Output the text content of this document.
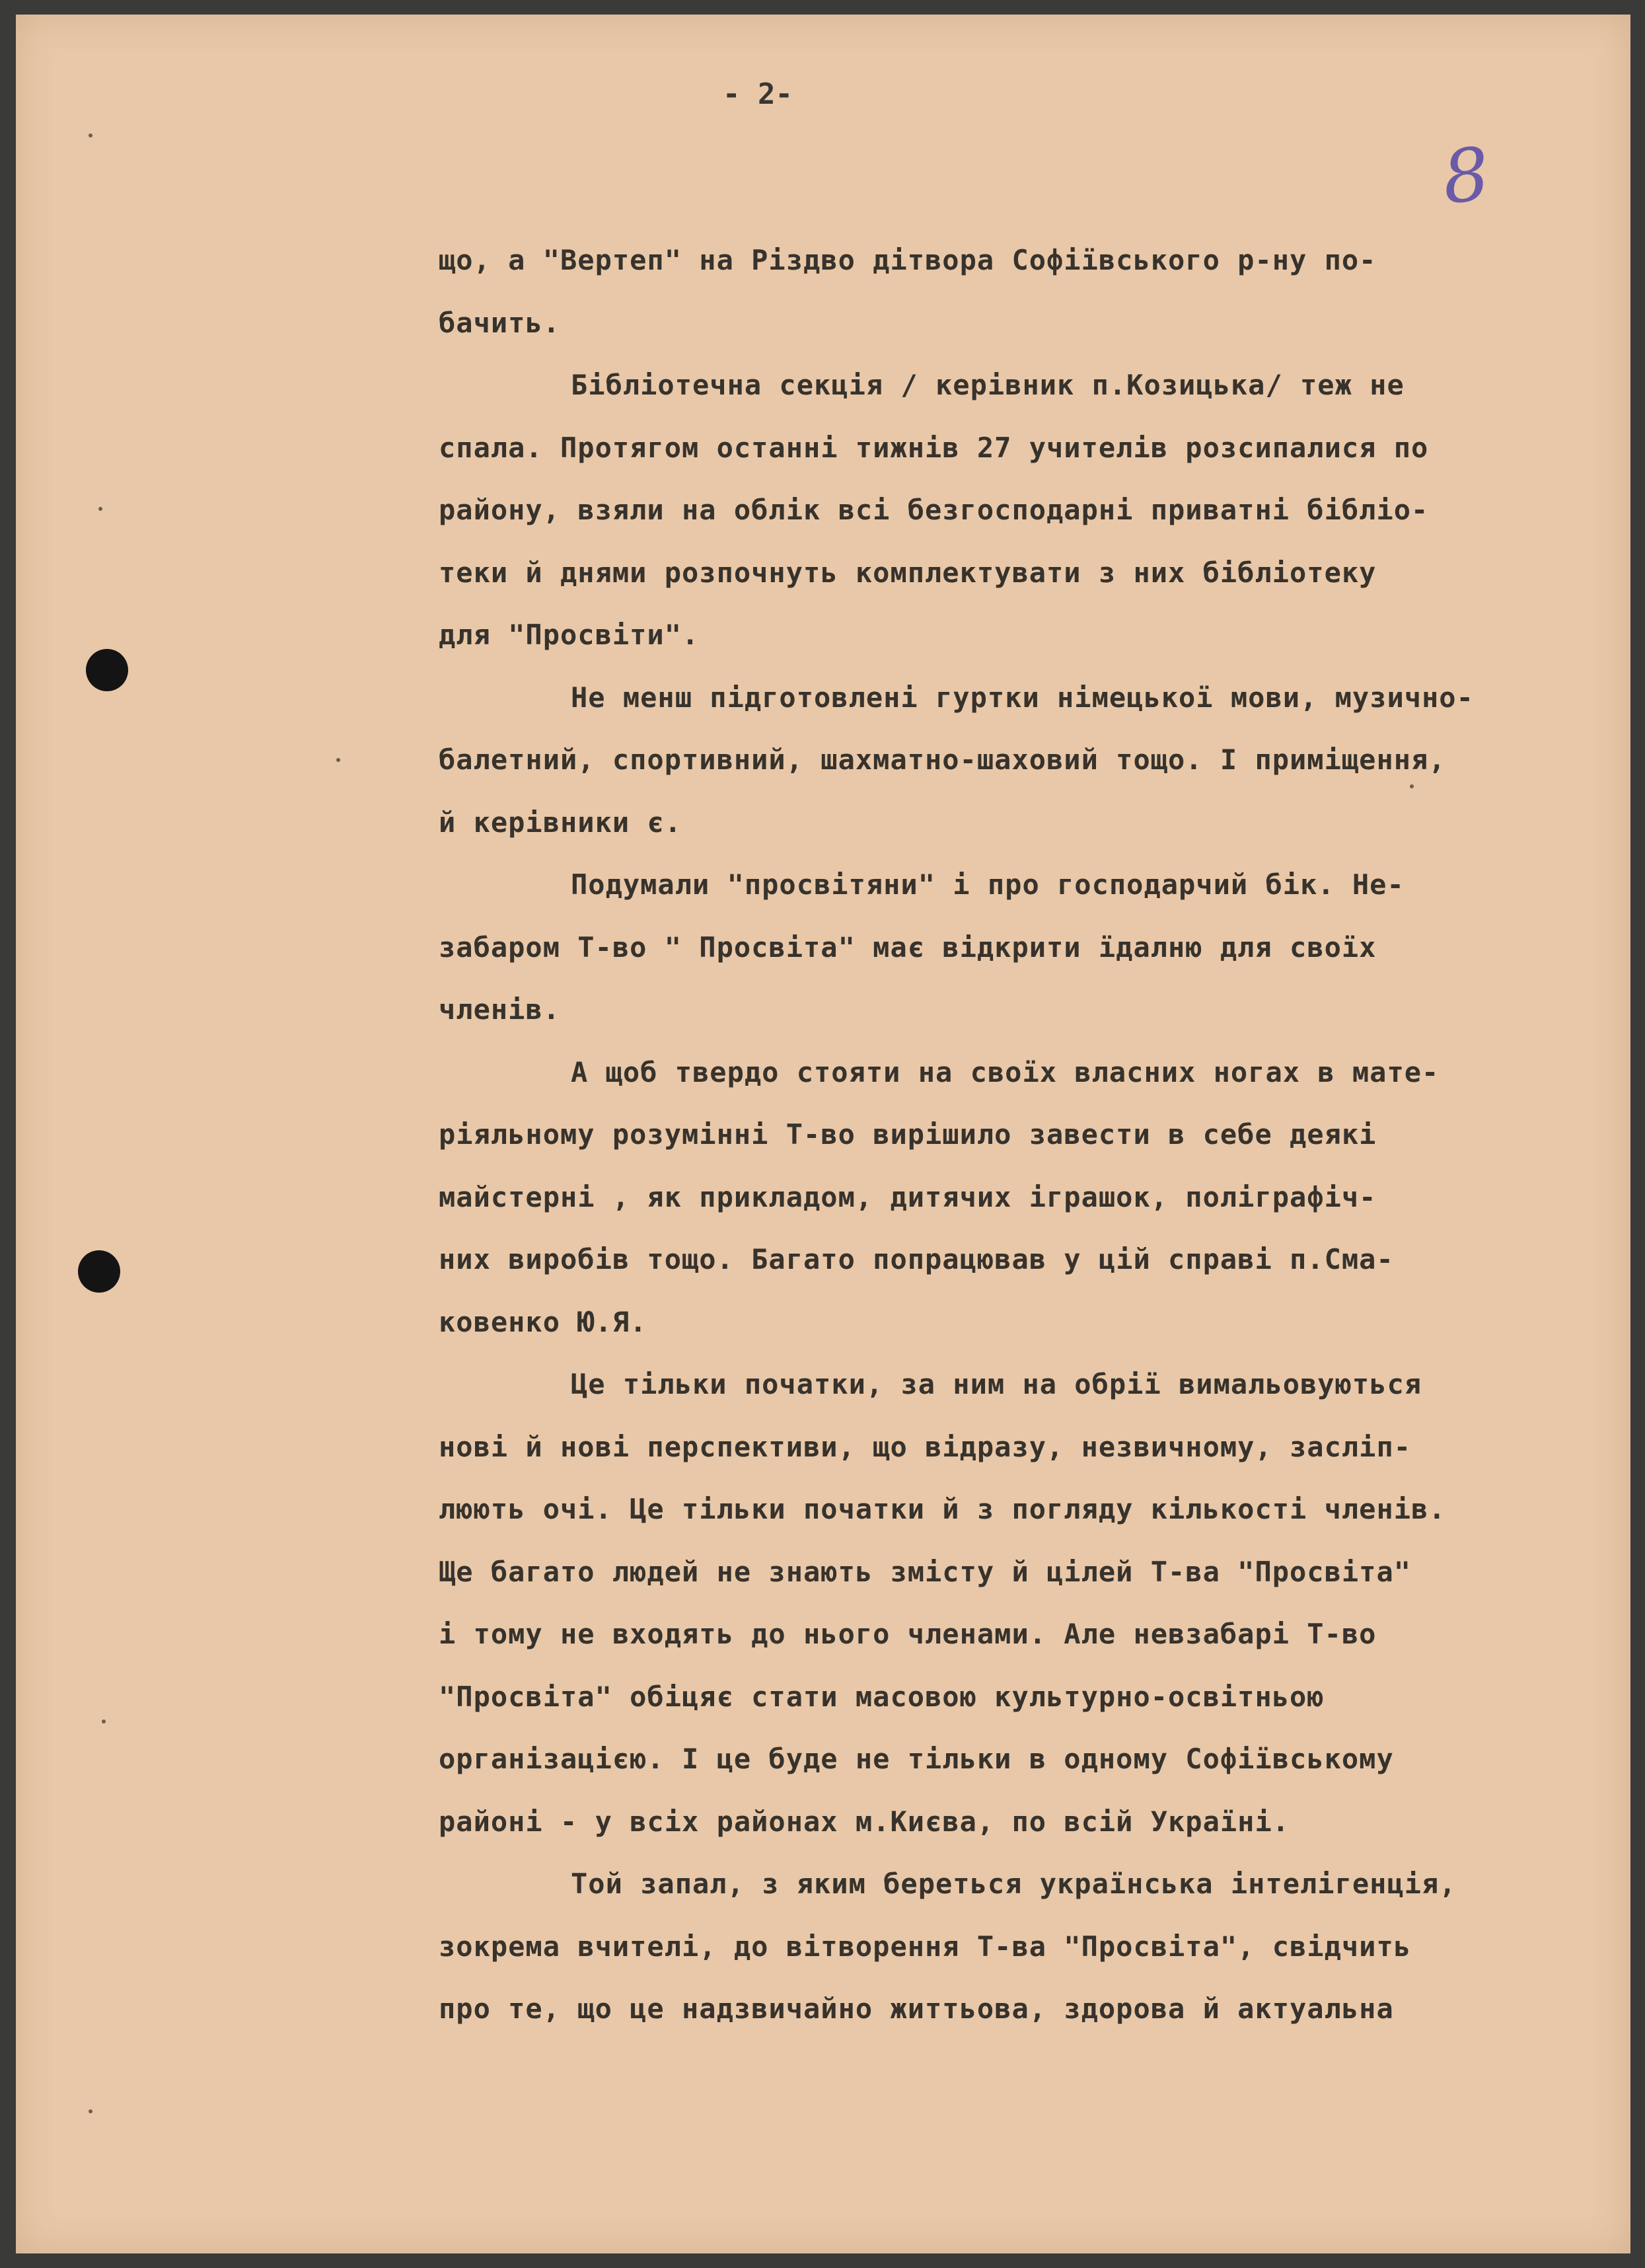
- 2-
8
що, а "Вертеп" на Різдво дітвора Софіївського р-ну по-
бачить.
Бібліотечна секція / керівник п.Козицька/ теж не
спала. Протягом останні тижнів 27 учителів розсипалися по
району, взяли на облік всі безгосподарні приватні бібліо-
теки й днями розпочнуть комплектувати з них бібліотеку
для "Просвіти".
Не менш підготовлені гуртки німецької мови, музично-
балетний, спортивний, шахматно-шаховий тощо. І приміщення,
й керівники є.
Подумали "просвітяни" і про господарчий бік. Не-
забаром Т-во " Просвіта" має відкрити їдалню для своїх
членів.
А щоб твердо стояти на своїх власних ногах в мате-
ріяльному розумінні Т-во вирішило завести в себе деякі
майстерні , як прикладом, дитячих іграшок, поліграфіч-
них виробів тощо. Багато попрацював у цій справі п.Сма-
ковенко Ю.Я.
Це тільки початки, за ним на обрії вимальовуються
нові й нові перспективи, що відразу, незвичному, засліп-
люють очі. Це тільки початки й з погляду кількості членів.
Ще багато людей не знають змісту й цілей Т-ва "Просвіта"
і тому не входять до нього членами. Але невзабарі Т-во
"Просвіта" обіцяє стати масовою культурно-освітньою
організацією. І це буде не тільки в одному Софіївському
районі - у всіх районах м.Києва, по всій Україні.
Той запал, з яким береться українська інтелігенція,
зокрема вчителі, до вітворення Т-ва "Просвіта", свідчить
про те, що це надзвичайно життьова, здорова й актуальна
